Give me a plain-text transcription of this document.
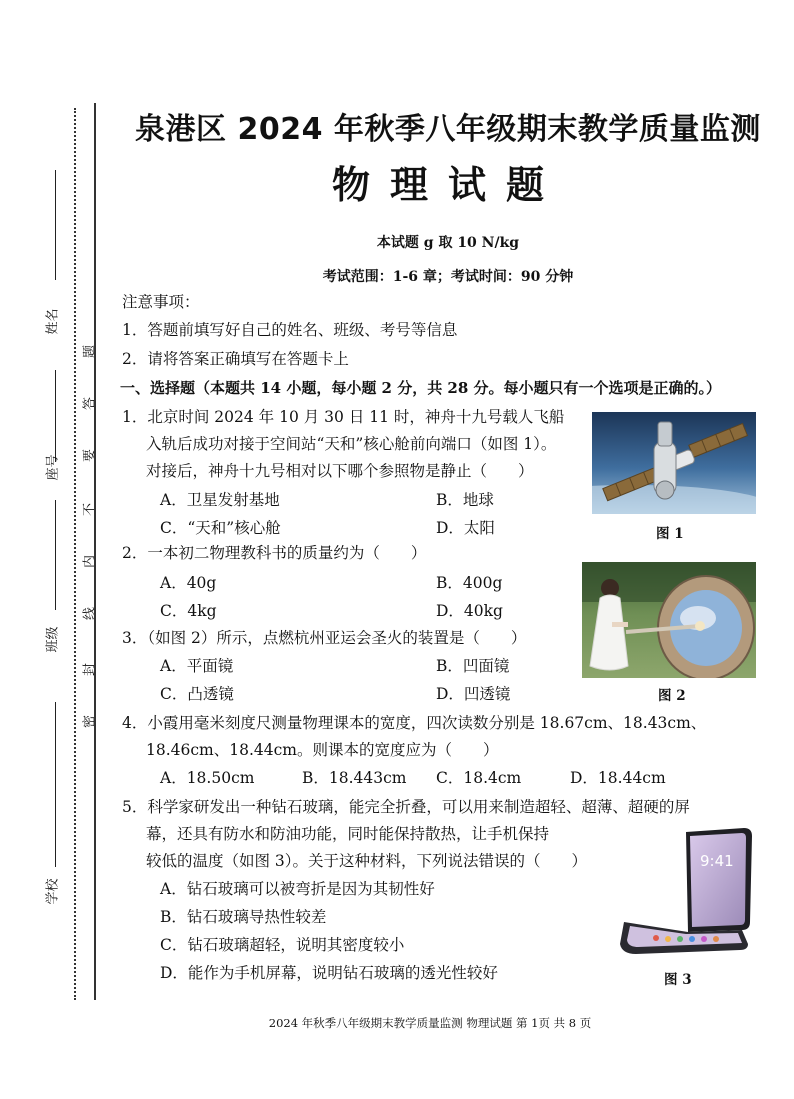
姓名
座号
班级
学校
密
封
线
内
不
要
答
题
泉港区 2024 年秋季八年级期末教学质量监测
物理试题
本试题 g 取 10 N/kg
考试范围：1-6 章；考试时间：90 分钟
注意事项：
1．答题前填写好自己的姓名、班级、考号等信息
2．请将答案正确填写在答题卡上
一、选择题（本题共 14 小题，每小题 2 分，共 28 分。每小题只有一个选项是正确的。）
1．北京时间 2024 年 10 月 30 日 11 时，神舟十九号载人飞船
入轨后成功对接于空间站“天和”核心舱前向端口（如图 1）。
对接后，神舟十九号相对以下哪个参照物是静止（　　）
A．卫星发射基地	B．地球
C．“天和”核心舱	D．太阳	图 1
2．一本初二物理教科书的质量约为（　　）
A．40g	B．400g
C．4kg	D．40kg
图 2
3．（如图 2）所示，点燃杭州亚运会圣火的装置是（　　）
A．平面镜	B．凹面镜
C．凸透镜	D．凹透镜
4．小霞用毫米刻度尺测量物理课本的宽度，四次读数分别是 18.67cm、18.43cm、
18.46cm、18.44cm。则课本的宽度应为（　　）
A．18.50cm	B．18.443cm C．18.4cm	D．18.44cm
5．科学家研发出一种钻石玻璃，能完全折叠，可以用来制造超轻、超薄、超硬的屏
幕，还具有防水和防油功能，同时能保持散热，让手机保持
较低的温度（如图 3）。关于这种材料，下列说法错误的（　　）
A．钻石玻璃可以被弯折是因为其韧性好
B．钻石玻璃导热性较差
C．钻石玻璃超轻，说明其密度较小
D．能作为手机屏幕，说明钻石玻璃的透光性较好
9:41
图 3
2024 年秋季八年级期末教学质量监测 物理试题 第 1页 共 8 页
